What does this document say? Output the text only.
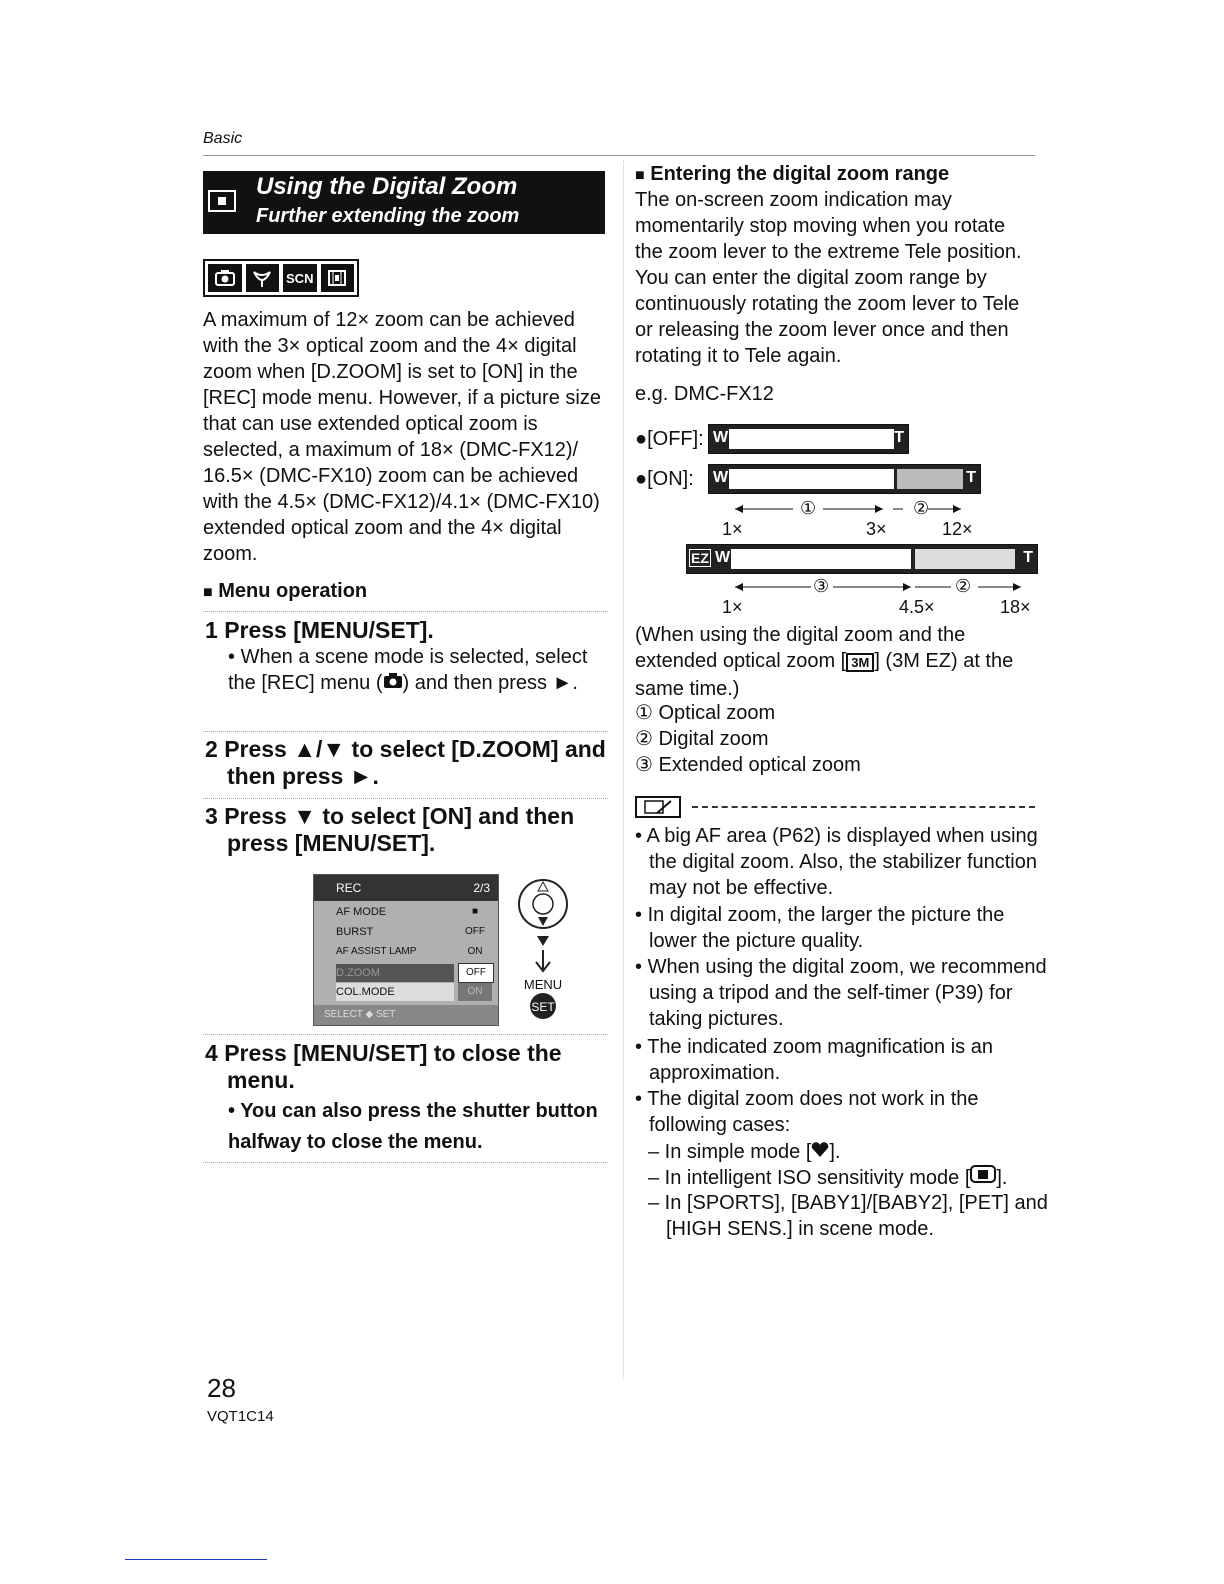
Basic
Using the Digital Zoom
Further extending the zoom
SCN
A maximum of 12× zoom can be achieved with the 3× optical zoom and the 4× digital zoom when [D.ZOOM] is set to [ON] in the [REC] mode menu. However, if a picture size that can use extended optical zoom is selected, a maximum of 18× (DMC-FX12)/ 16.5× (DMC-FX10) zoom can be achieved with the 4.5× (DMC-FX12)/4.1× (DMC-FX10) extended optical zoom and the 4× digital zoom.
■ Menu operation
1 Press [MENU/SET].
• When a scene mode is selected, select the [REC] menu ( ) and then press ►.
2 Press ▲/▼ to select [D.ZOOM] and then press ►.
3 Press ▼ to select [ON] and then press [MENU/SET].
REC	2/3
AF MODE	■
BURST	OFF
AF ASSIST LAMP	ON
D.ZOOM	OFF
COL.MODE	ON
SELECT ◆ SET

MENU
SET
4 Press [MENU/SET] to close the menu.
• You can also press the shutter button halfway to close the menu.
■ Entering the digital zoom range
The on-screen zoom indication may momentarily stop moving when you rotate the zoom lever to the extreme Tele position. You can enter the digital zoom range by continuously rotating the zoom lever to Tele or releasing the zoom lever once and then rotating it to Tele again.
e.g. DMC-FX12
●[OFF]: W	T
●[ON]: W	T
①	②
1×	3×	12×
EZ W	T
③	②
1×	4.5×	18×
(When using the digital zoom and the extended optical zoom [ 3M ] (3M EZ) at the same time.)
① Optical zoom
② Digital zoom
③ Extended optical zoom
• A big AF area (P62) is displayed when using the digital zoom. Also, the stabilizer function may not be effective.
• In digital zoom, the larger the picture the lower the picture quality.
• When using the digital zoom, we recommend using a tripod and the self-timer (P39) for taking pictures.
• The indicated zoom magnification is an approximation.
• The digital zoom does not work in the following cases:
– In simple mode [ ].
– In intelligent ISO sensitivity mode [ ].
– In [SPORTS], [BABY1]/[BABY2], [PET] and [HIGH SENS.] in scene mode.
28
VQT1C14
